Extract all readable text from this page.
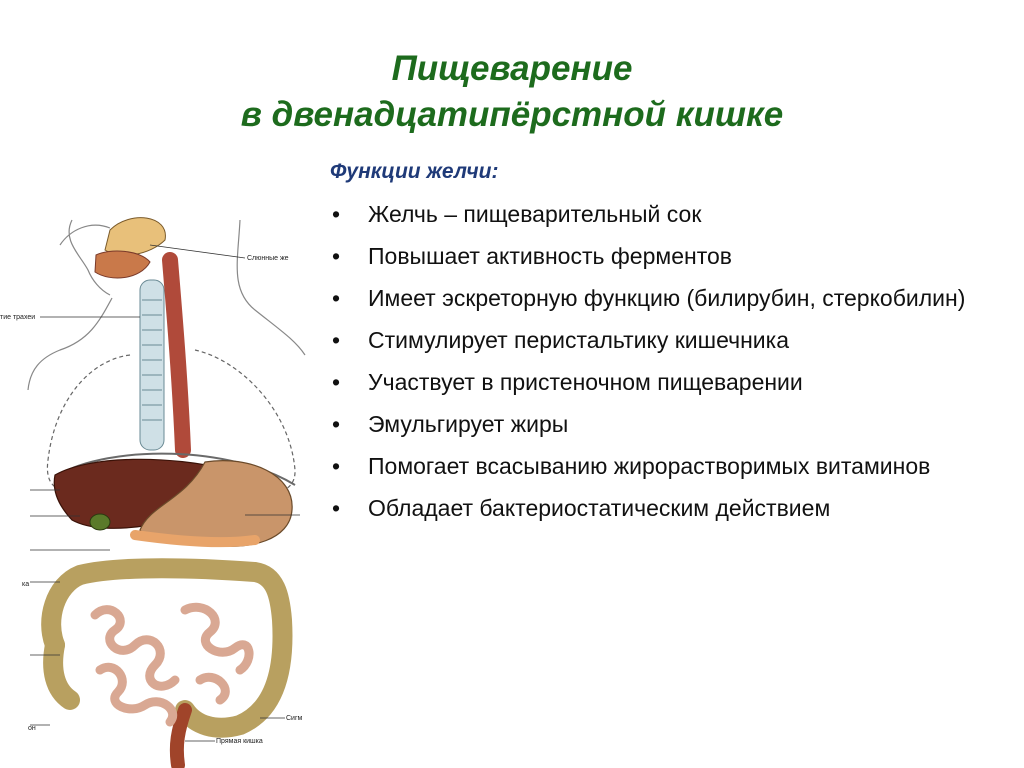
Пищеварение
в двенадцатипёрстной кишке
Функции желчи:
• Желчь – пищеварительный сок
• Повышает активность ферментов
• Имеет эскреторную функцию (билирубин, стеркобилин)
• Стимулирует перистальтику кишечника
• Участвует в пристеночном пищеварении
• Эмульгирует жиры
• Помогает всасыванию жирорастворимых витаминов
• Обладает бактериостатическим действием
Слюнные же
тие трахеи
ка
он
Сигм
Прямая кишка
